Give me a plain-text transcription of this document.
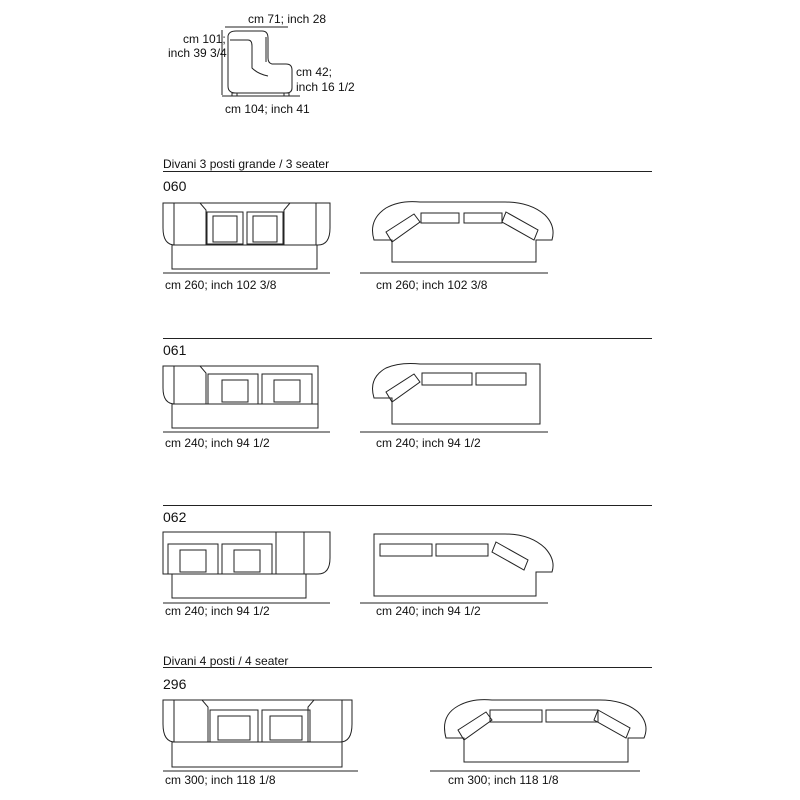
cm 71; inch 28
cm 101;
inch 39 3/4
cm 42;
inch 16 1/2
cm 104; inch 41
Divani 3 posti grande / 3 seater
060
cm 260; inch 102 3/8	cm 260; inch 102 3/8
061
cm 240; inch 94 1/2	cm 240; inch 94 1/2
062
cm 240; inch 94 1/2	cm 240; inch 94 1/2
Divani 4 posti / 4 seater
296
cm 300; inch 118 1/8	cm 300; inch 118 1/8
